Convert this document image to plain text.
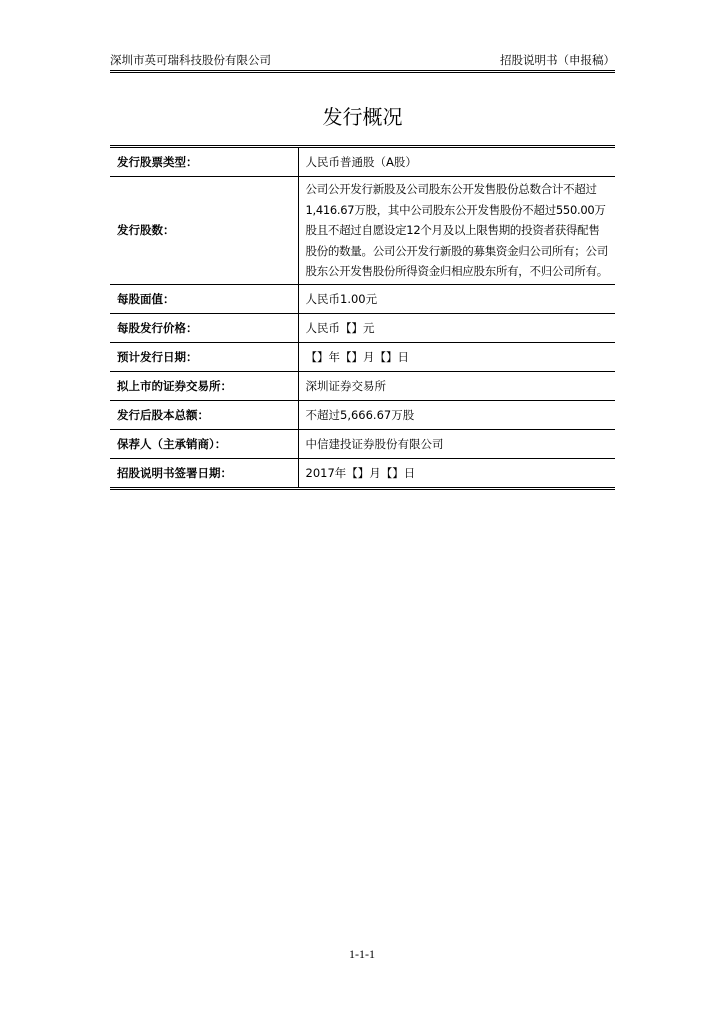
深圳市英可瑞科技股份有限公司	招股说明书（申报稿）
发行概况
发行股票类型：	人民币普通股（A股）
发行股数：	公司公开发行新股及公司股东公开发售股份总数合计不超过1,416.67万股，其中公司股东公开发售股份不超过550.00万股且不超过自愿设定12个月及以上限售期的投资者获得配售股份的数量。公司公开发行新股的募集资金归公司所有；公司股东公开发售股份所得资金归相应股东所有，不归公司所有。
每股面值：	人民币1.00元
每股发行价格：	人民币【】元
预计发行日期：	【】年【】月【】日
拟上市的证券交易所：	深圳证券交易所
发行后股本总额：	不超过5,666.67万股
保荐人（主承销商）：	中信建投证券股份有限公司
招股说明书签署日期：	2017年【】月【】日
1-1-1
